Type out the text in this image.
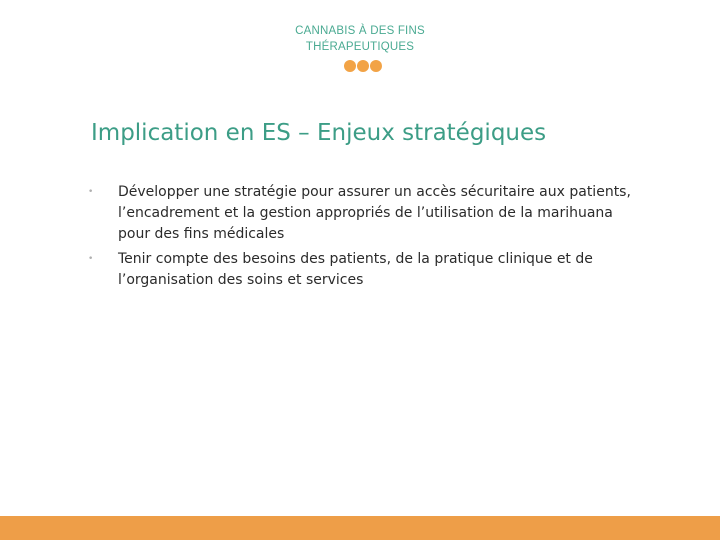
CANNABIS À DES FINS
THÉRAPEUTIQUES
Implication en ES – Enjeux stratégiques
• Développer une stratégie pour assurer un accès sécuritaire aux patients, l’encadrement et la gestion appropriés de l’utilisation de la marihuana pour des fins médicales
• Tenir compte des besoins des patients, de la pratique clinique et de l’organisation des soins et services
